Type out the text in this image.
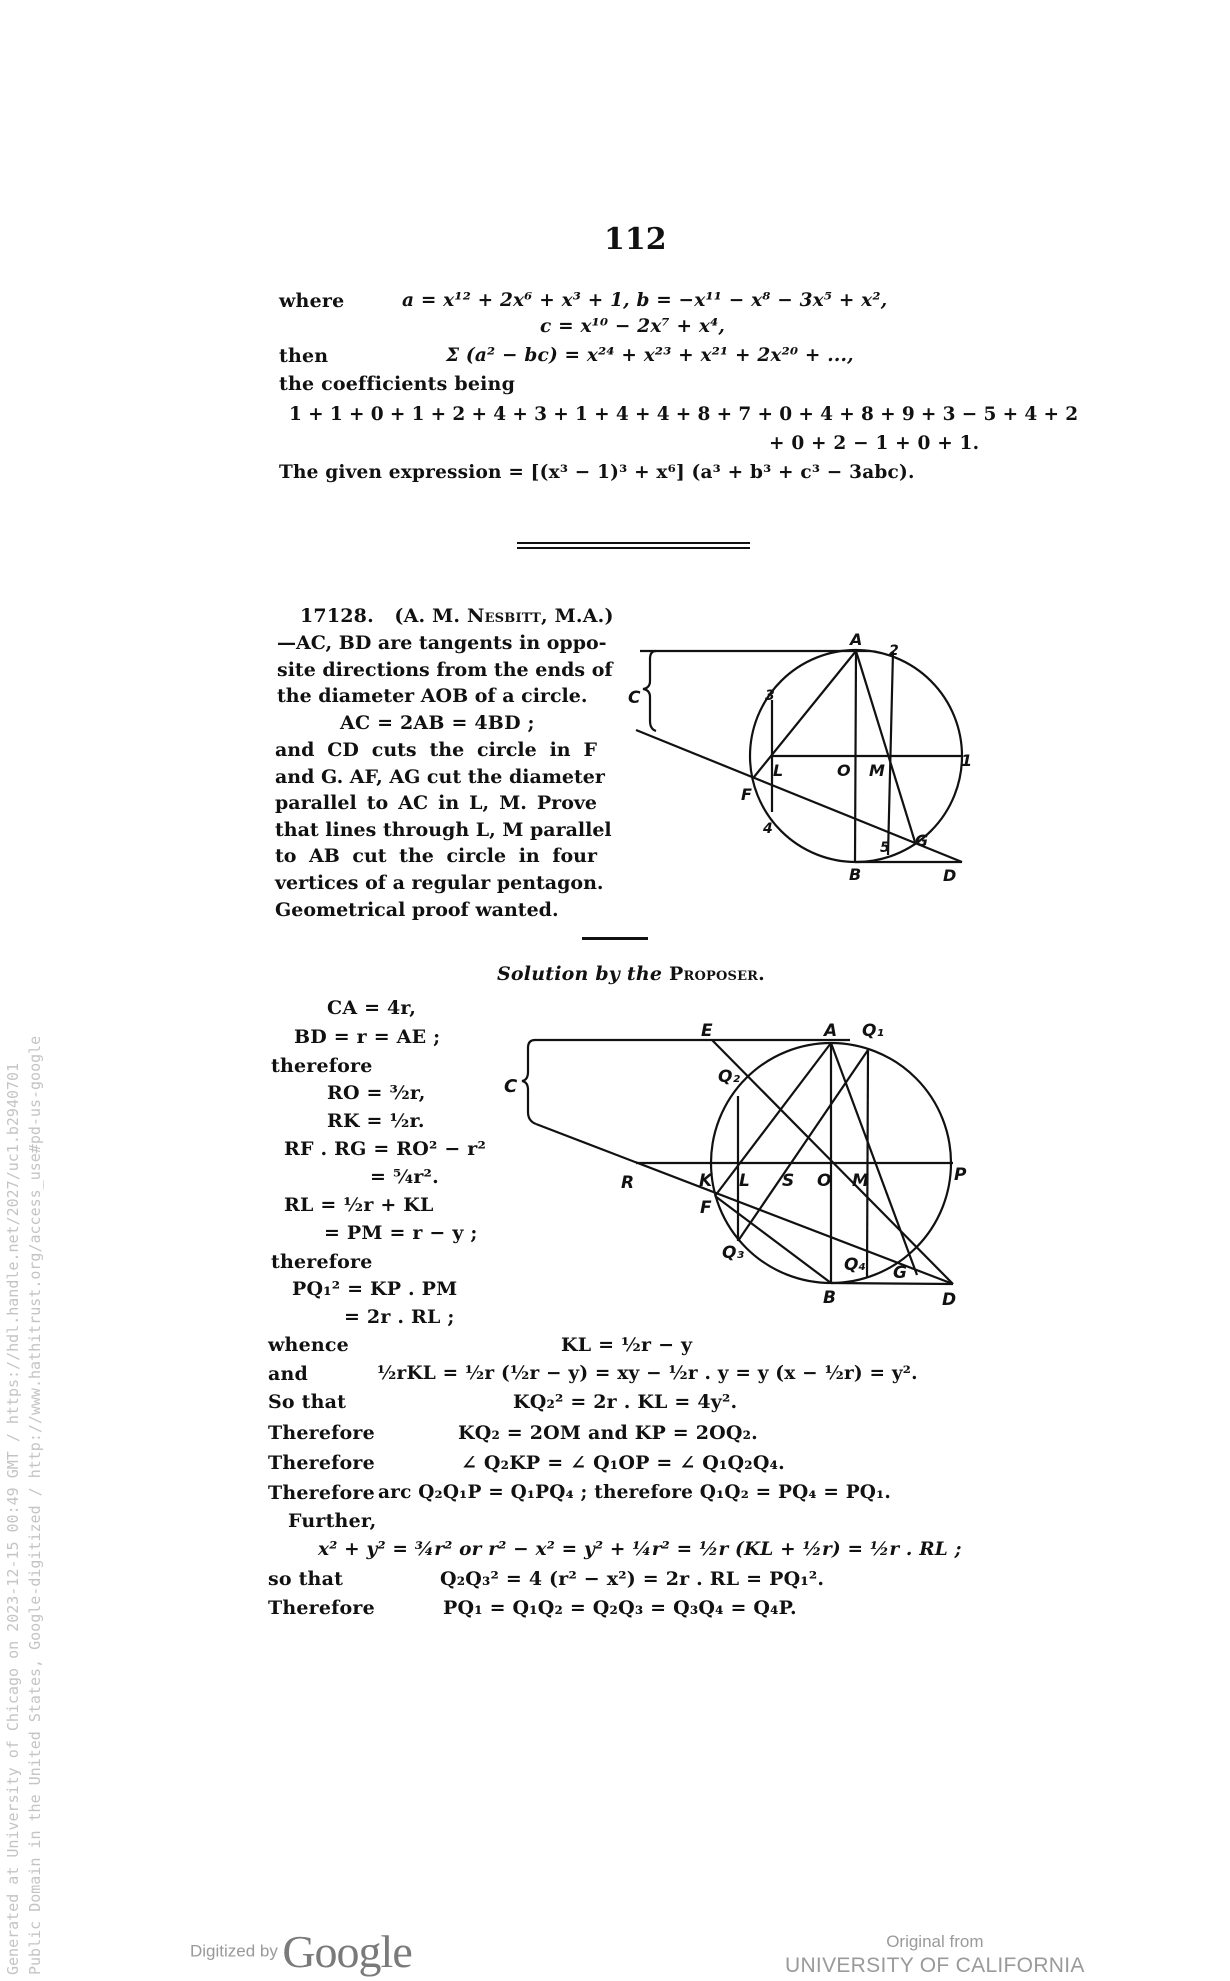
112
where	a = x¹² + 2x⁶ + x³ + 1, b = −x¹¹ − x⁸ − 3x⁵ + x²,
c = x¹⁰ − 2x⁷ + x⁴,
then	Σ (a² − bc) = x²⁴ + x²³ + x²¹ + 2x²⁰ + ...,
the coefficients being
1 + 1 + 0 + 1 + 2 + 4 + 3 + 1 + 4 + 4 + 8 + 7 + 0 + 4 + 8 + 9 + 3 − 5 + 4 + 2
+ 0 + 2 − 1 + 0 + 1.
The given expression = [(x³ − 1)³ + x⁶] (a³ + b³ + c³ − 3abc).
17128. (A. M. Nesbitt, M.A.)
—AC, BD are tangents in oppo-
site directions from the ends of
the diameter AOB of a circle.
AC = 2AB = 4BD ;
and CD cuts the circle in F
and G. AF, AG cut the diameter
parallel to AC in L, M. Prove
that lines through L, M parallel
to AB cut the circle in four
vertices of a regular pentagon.
Geometrical proof wanted.
A
2
C	3
L	O M
1
F
4
5 G
B	D
Solution by the Proposer.
CA = 4r,
BD = r = AE ;
therefore
RO = ³⁄₂r,
RK = ½r.
RF . RG = RO² − r²
= ⁵⁄₄r².
RL = ½r + KL
= PM = r − y ;
therefore
PQ₁² = KP . PM
= 2r . RL ;
E	A Q₁
C	Q₂
R	K L S O M	P
F
Q₃
Q₄ G
B	D
whence	KL = ½r − y
and	½rKL = ½r (½r − y) = xy − ½r . y = y (x − ½r) = y².
So that	KQ₂² = 2r . KL = 4y².
Therefore	KQ₂ = 2OM and KP = 2OQ₂.
Therefore	∠ Q₂KP = ∠ Q₁OP = ∠ Q₁Q₂Q₄.
Therefore arc Q₂Q₁P = Q₁PQ₄ ; therefore Q₁Q₂ = PQ₄ = PQ₁.
Further,
x² + y² = ¾r² or r² − x² = y² + ¼r² = ½r (KL + ½r) = ½r . RL ;
so that	Q₂Q₃² = 4 (r² − x²) = 2r . RL = PQ₁².
Therefore	PQ₁ = Q₁Q₂ = Q₂Q₃ = Q₃Q₄ = Q₄P.
Generated at University of Chicago on 2023-12-15 00:49 GMT / https://hdl.handle.net/2027/uc1.b2940701 Public Domain in the United States, Google-digitized / http://www.hathitrust.org/access_use#pd-us-google	Digitized by Google	Original from
UNIVERSITY OF CALIFORNIA
